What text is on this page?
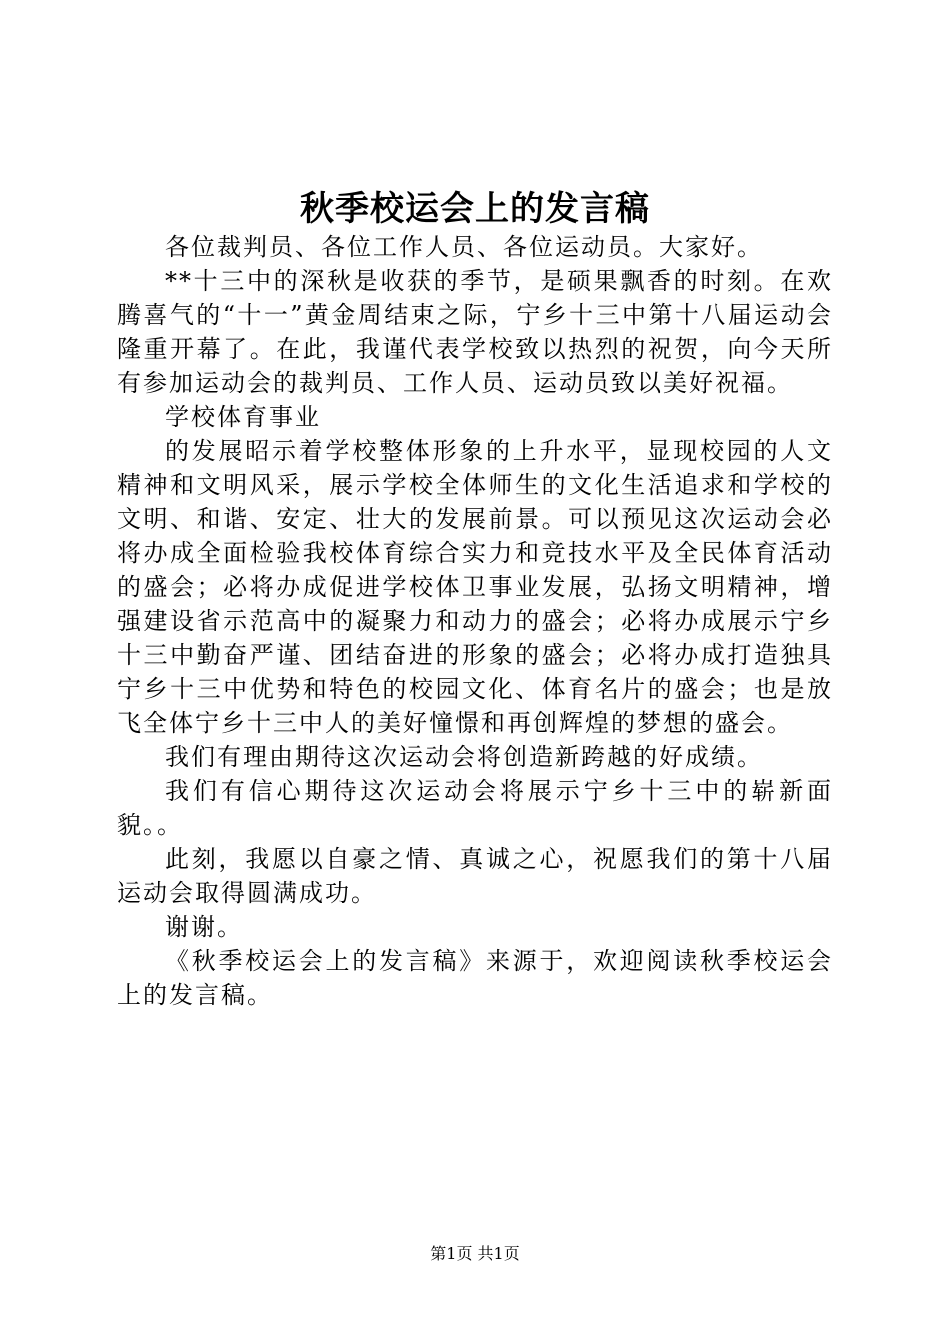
秋季校运会上的发言稿

各位裁判员、各位工作人员、各位运动员。大家好。

**十三中的深秋是收获的季节，是硕果飘香的时刻。在欢腾喜气的“十一”黄金周结束之际，宁乡十三中第十八届运动会隆重开幕了。在此，我谨代表学校致以热烈的祝贺，向今天所有参加运动会的裁判员、工作人员、运动员致以美好祝福。

学校体育事业

的发展昭示着学校整体形象的上升水平，显现校园的人文精神和文明风采，展示学校全体师生的文化生活追求和学校的文明、和谐、安定、壮大的发展前景。可以预见这次运动会必将办成全面检验我校体育综合实力和竞技水平及全民体育活动的盛会；必将办成促进学校体卫事业发展，弘扬文明精神，增强建设省示范高中的凝聚力和动力的盛会；必将办成展示宁乡十三中勤奋严谨、团结奋进的形象的盛会；必将办成打造独具宁乡十三中优势和特色的校园文化、体育名片的盛会；也是放飞全体宁乡十三中人的美好憧憬和再创辉煌的梦想的盛会。

我们有理由期待这次运动会将创造新跨越的好成绩。

我们有信心期待这次运动会将展示宁乡十三中的崭新面貌。。

此刻，我愿以自豪之情、真诚之心，祝愿我们的第十八届运动会取得圆满成功。

谢谢。

《秋季校运会上的发言稿》来源于，欢迎阅读秋季校运会上的发言稿。

第1页 共1页
